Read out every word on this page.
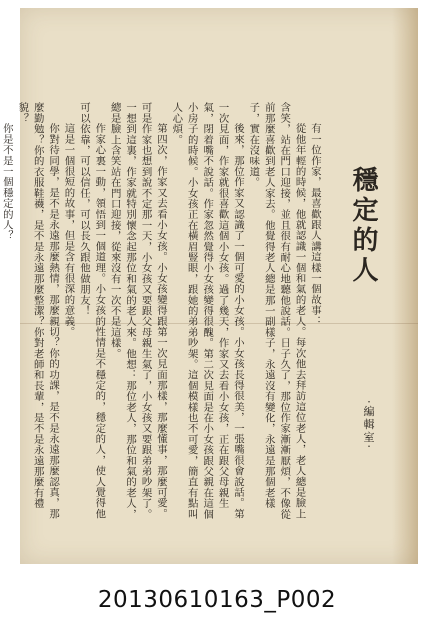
穩定的人
‧編輯室‧

有一位作家，最喜歡跟人講這樣一個故事：

從他年輕的時候，他就認識一個和氣的老人。每次他去拜訪這位老人，老人總是臉上含笑，站在門口迎接，並且很有耐心地聽他說話。日子久了，那位作家漸漸厭煩，不像從前那麼喜歡到老人家去。他覺得老人總是那一副樣子，永遠沒有變化，永遠是那個老樣子，實在沒味道。

後來，那位作家又認識了一個可愛的小女孩。小女孩長得很美，一張嘴很會說話。第一次見面，作家就很喜歡這個小女孩。過了幾天，作家又去看小女孩，正在跟父母親生氣，閉着嘴不說話。作家忽然覺得小女孩變得很醜。第二次見面是在小女孩跟父親在這個小房子的時候。小女孩正在橫眉豎眼，跟她的弟弟吵架。這個模樣也不可愛，簡直有點叫人心煩。

第四次，作家又去看小女孩。小女孩變得跟第一次見面那樣，那麼懂事，那麼可愛。可是作家也想到說不定那一天，小女孩又要跟父母親生氣了，小女孩又要跟弟弟吵架了。一想到這裏，作家就特別懷念起那位和氣的老人來。他想：那位老人，那位和氣的老人，總是臉上含笑站在門口迎接，從來沒有一次不是這樣。

作家心裏一動，領悟到一個道理。小女孩的性情是不穩定的，穩定的人，使人覺得他可以依靠，可以信任，可以長久跟他做朋友！

這是一個很短的故事，但是含有很深的意義。

你對待同學，是不是永遠那麼熱情，那麼親切？你的功課，是不是永遠那麼認真，那麼勤勉？你的衣服鞋襪，是不是永遠那麼整潔？你對老師和長輩，是不是永遠那麼有禮貌？

你是不是一個穩定的人？

20130610163_P002
